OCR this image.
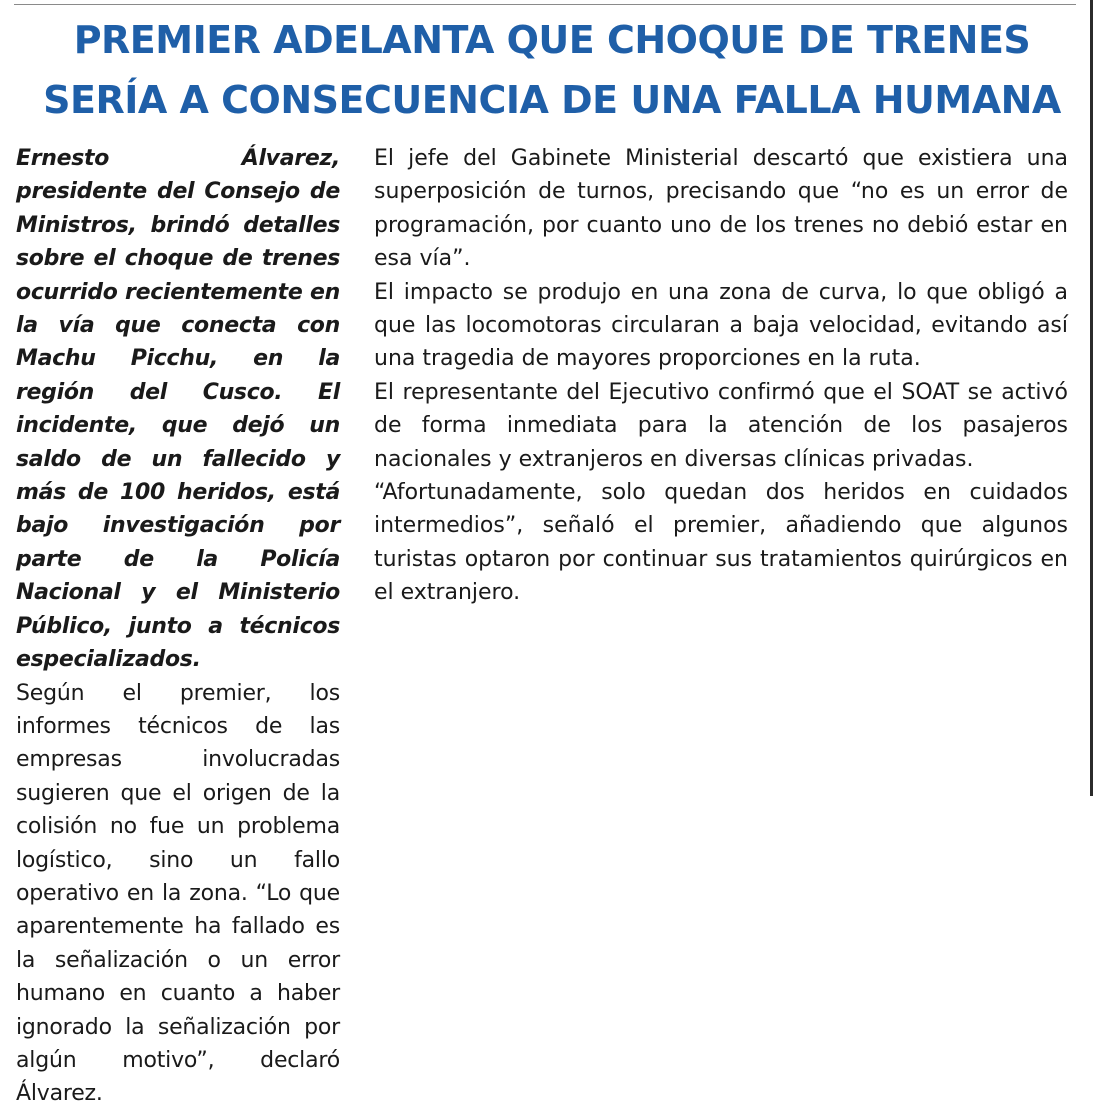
PREMIER ADELANTA QUE CHOQUE DE TRENES
SERÍA A CONSECUENCIA DE UNA FALLA HUMANA

Ernesto Álvarez, presidente del Consejo de Ministros, brindó detalles sobre el choque de trenes ocurrido recientemente en la vía que conecta con Machu Picchu, en la región del Cusco. El incidente, que dejó un saldo de un fallecido y más de 100 heridos, está bajo investigación por parte de la Policía Nacional y el Ministerio Público, junto a técnicos especializados.

Según el premier, los informes técnicos de las empresas involucradas sugieren que el origen de la colisión no fue un problema logístico, sino un fallo operativo en la zona. “Lo que aparentemente ha fallado es la señalización o un error humano en cuanto a haber ignorado la señalización por algún motivo”, declaró Álvarez.

El jefe del Gabinete Ministerial descartó que existiera una superposición de turnos, precisando que “no es un error de programación, por cuanto uno de los trenes no debió estar en esa vía”.

El impacto se produjo en una zona de curva, lo que obligó a que las locomotoras circularan a baja velocidad, evitando así una tragedia de mayores proporciones en la ruta.

El representante del Ejecutivo confirmó que el SOAT se activó de forma inmediata para la atención de los pasajeros nacionales y extranjeros en diversas clínicas privadas.

“Afortunadamente, solo quedan dos heridos en cuidados intermedios”, señaló el premier, añadiendo que algunos turistas optaron por continuar sus tratamientos quirúrgicos en el extranjero.
